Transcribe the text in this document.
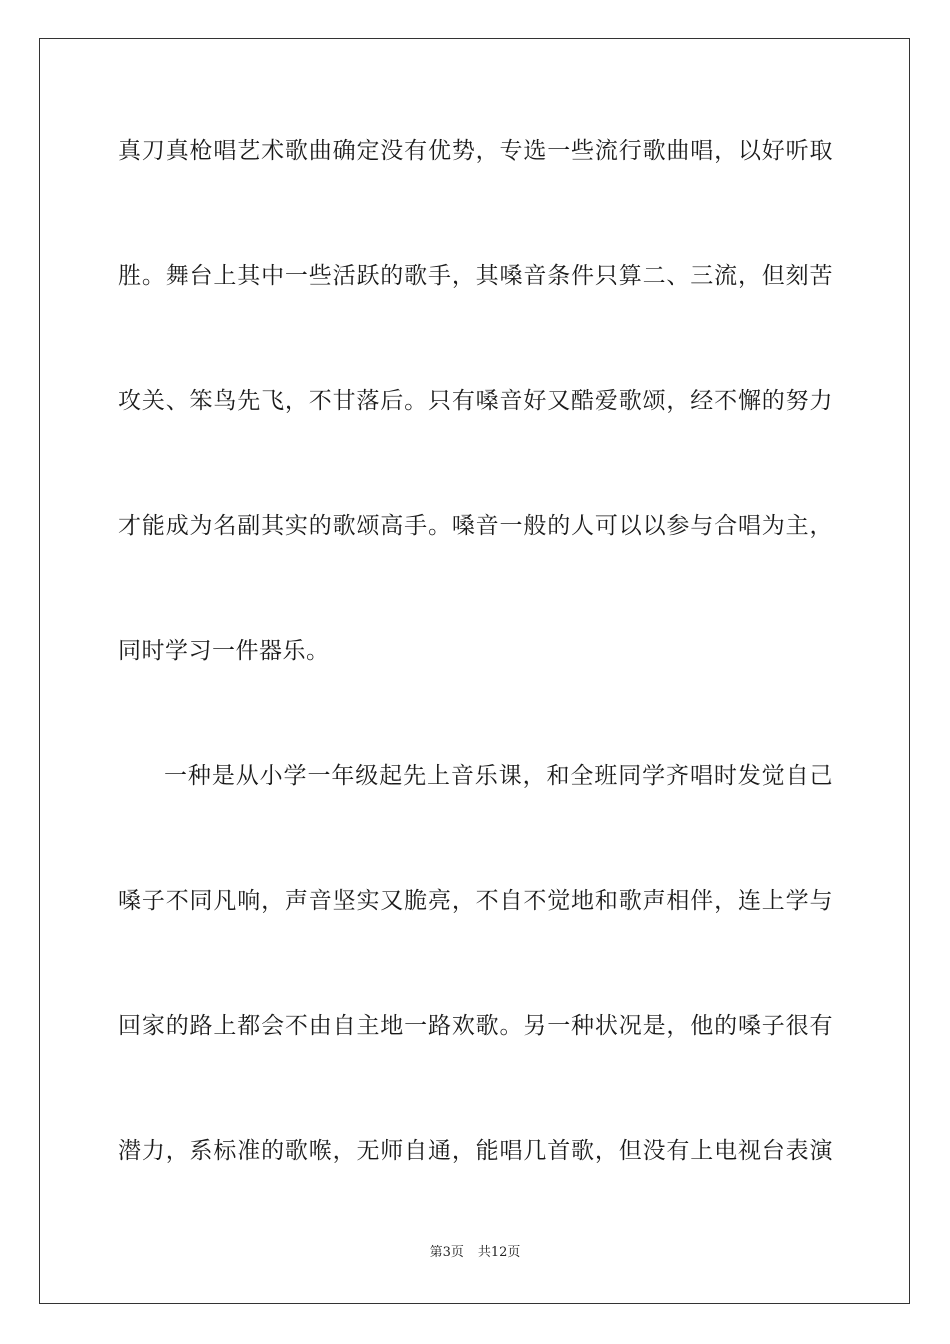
真刀真枪唱艺术歌曲确定没有优势，专选一些流行歌曲唱，以好听取
胜。舞台上其中一些活跃的歌手，其嗓音条件只算二、三流，但刻苦
攻关、笨鸟先飞，不甘落后。只有嗓音好又酷爱歌颂，经不懈的努力
才能成为名副其实的歌颂高手。嗓音一般的人可以以参与合唱为主，
同时学习一件器乐。
一种是从小学一年级起先上音乐课，和全班同学齐唱时发觉自己
嗓子不同凡响，声音坚实又脆亮，不自不觉地和歌声相伴，连上学与
回家的路上都会不由自主地一路欢歌。另一种状况是，他的嗓子很有
潜力，系标准的歌喉，无师自通，能唱几首歌，但没有上电视台表演
第3页 共12页
